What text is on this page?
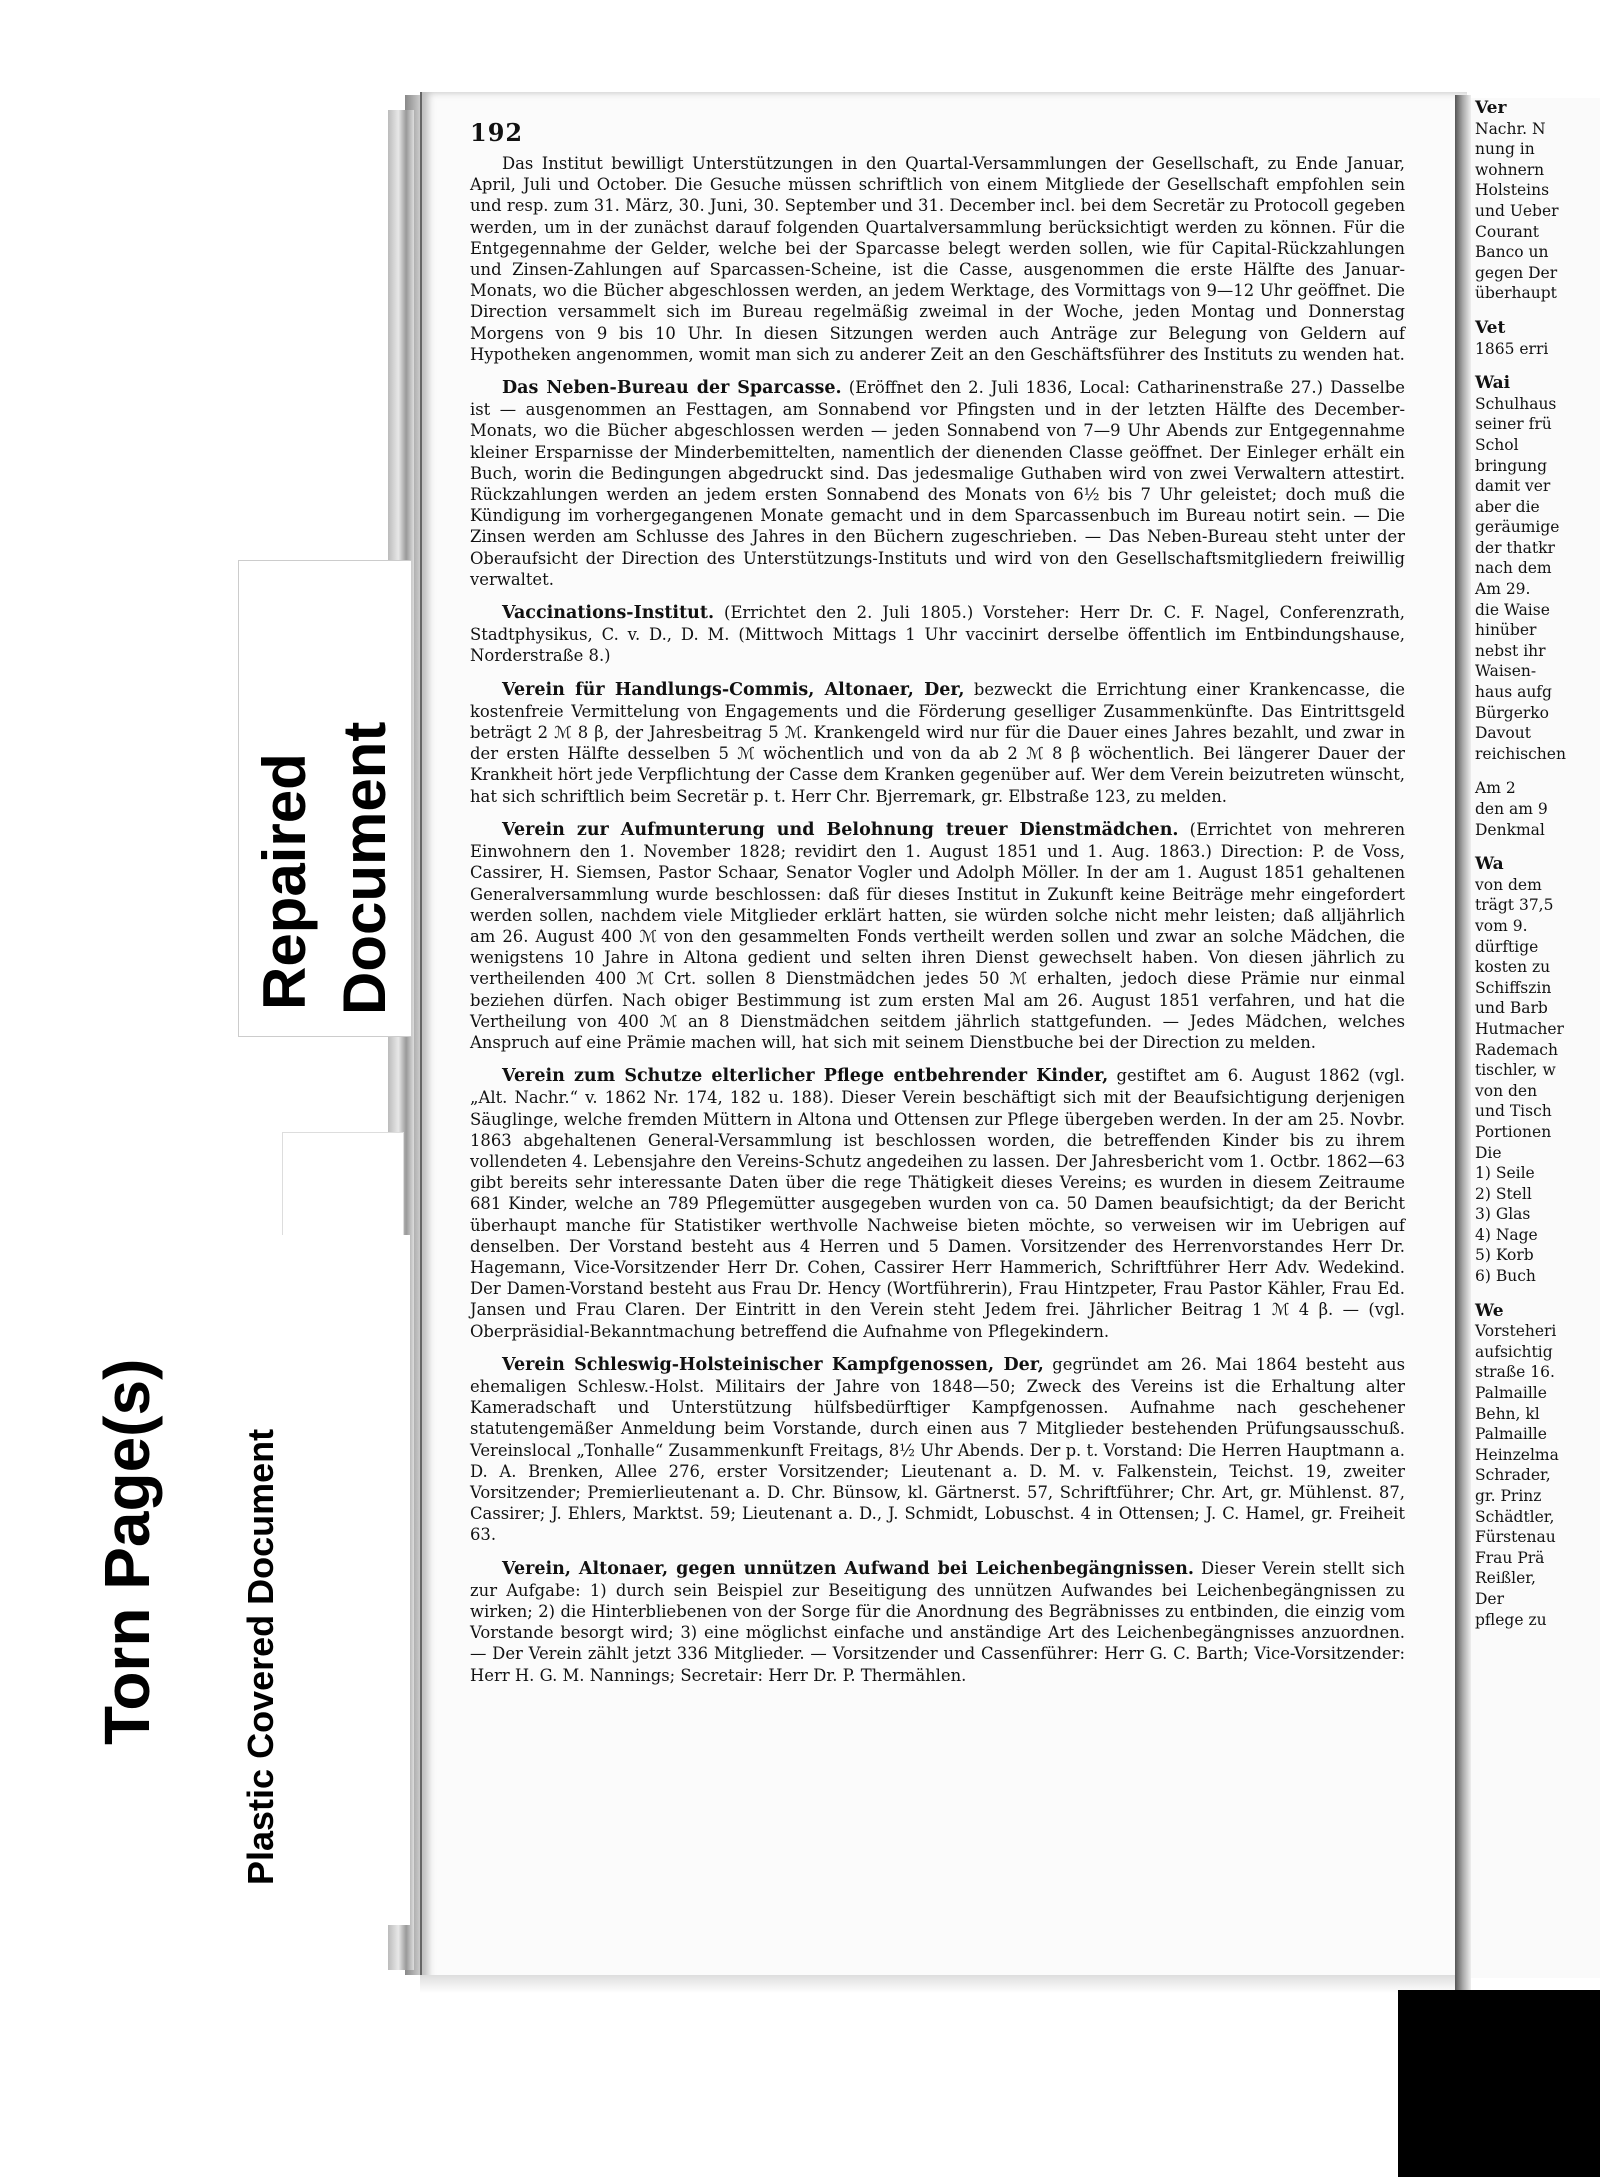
192

Das Institut bewilligt Unterstützungen in den Quartal-Versammlungen der Gesellschaft, zu Ende Januar, April, Juli und October. Die Gesuche müssen schriftlich von einem Mitgliede der Gesellschaft empfohlen sein und resp. zum 31. März, 30. Juni, 30. September und 31. December incl. bei dem Secretär zu Protocoll gegeben werden, um in der zunächst darauf folgenden Quartalversammlung berücksichtigt werden zu können. Für die Entgegennahme der Gelder, welche bei der Sparcasse belegt werden sollen, wie für Capital-Rückzahlungen und Zinsen-Zahlungen auf Sparcassen-Scheine, ist die Casse, ausgenommen die erste Hälfte des Januar-Monats, wo die Bücher abgeschlossen werden, an jedem Werktage, des Vormittags von 9—12 Uhr geöffnet. Die Direction versammelt sich im Bureau regelmäßig zweimal in der Woche, jeden Montag und Donnerstag Morgens von 9 bis 10 Uhr. In diesen Sitzungen werden auch Anträge zur Belegung von Geldern auf Hypotheken angenommen, womit man sich zu anderer Zeit an den Geschäftsführer des Instituts zu wenden hat.

Das Neben-Bureau der Sparcasse. (Eröffnet den 2. Juli 1836, Local: Catharinenstraße 27.) Dasselbe ist — ausgenommen an Festtagen, am Sonnabend vor Pfingsten und in der letzten Hälfte des December-Monats, wo die Bücher abgeschlossen werden — jeden Sonnabend von 7—9 Uhr Abends zur Entgegennahme kleiner Ersparnisse der Minderbemittelten, namentlich der dienenden Classe geöffnet. Der Einleger erhält ein Buch, worin die Bedingungen abgedruckt sind. Das jedesmalige Guthaben wird von zwei Verwaltern attestirt. Rückzahlungen werden an jedem ersten Sonnabend des Monats von 6½ bis 7 Uhr geleistet; doch muß die Kündigung im vorhergegangenen Monate gemacht und in dem Sparcassenbuch im Bureau notirt sein. — Die Zinsen werden am Schlusse des Jahres in den Büchern zugeschrieben. — Das Neben-Bureau steht unter der Oberaufsicht der Direction des Unterstützungs-Instituts und wird von den Gesellschaftsmitgliedern freiwillig verwaltet.

Vaccinations-Institut. (Errichtet den 2. Juli 1805.) Vorsteher: Herr Dr. C. F. Nagel, Conferenzrath, Stadtphysikus, C. v. D., D. M. (Mittwoch Mittags 1 Uhr vaccinirt derselbe öffentlich im Entbindungshause, Norderstraße 8.)

Verein für Handlungs-Commis, Altonaer, Der, bezweckt die Errichtung einer Krankencasse, die kostenfreie Vermittelung von Engagements und die Förderung geselliger Zusammenkünfte. Das Eintrittsgeld beträgt 2 ℳ 8 β, der Jahresbeitrag 5 ℳ. Krankengeld wird nur für die Dauer eines Jahres bezahlt, und zwar in der ersten Hälfte desselben 5 ℳ wöchentlich und von da ab 2 ℳ 8 β wöchentlich. Bei längerer Dauer der Krankheit hört jede Verpflichtung der Casse dem Kranken gegenüber auf. Wer dem Verein beizutreten wünscht, hat sich schriftlich beim Secretär p. t. Herr Chr. Bjerremark, gr. Elbstraße 123, zu melden.

Verein zur Aufmunterung und Belohnung treuer Dienstmädchen. (Errichtet von mehreren Einwohnern den 1. November 1828; revidirt den 1. August 1851 und 1. Aug. 1863.) Direction: P. de Voss, Cassirer, H. Siemsen, Pastor Schaar, Senator Vogler und Adolph Möller. In der am 1. August 1851 gehaltenen Generalversammlung wurde beschlossen: daß für dieses Institut in Zukunft keine Beiträge mehr eingefordert werden sollen, nachdem viele Mitglieder erklärt hatten, sie würden solche nicht mehr leisten; daß alljährlich am 26. August 400 ℳ von den gesammelten Fonds vertheilt werden sollen und zwar an solche Mädchen, die wenigstens 10 Jahre in Altona gedient und selten ihren Dienst gewechselt haben. Von diesen jährlich zu vertheilenden 400 ℳ Crt. sollen 8 Dienstmädchen jedes 50 ℳ erhalten, jedoch diese Prämie nur einmal beziehen dürfen. Nach obiger Bestimmung ist zum ersten Mal am 26. August 1851 verfahren, und hat die Vertheilung von 400 ℳ an 8 Dienstmädchen seitdem jährlich stattgefunden. — Jedes Mädchen, welches Anspruch auf eine Prämie machen will, hat sich mit seinem Dienstbuche bei der Direction zu melden.

Verein zum Schutze elterlicher Pflege entbehrender Kinder, gestiftet am 6. August 1862 (vgl. „Alt. Nachr.“ v. 1862 Nr. 174, 182 u. 188). Dieser Verein beschäftigt sich mit der Beaufsichtigung derjenigen Säuglinge, welche fremden Müttern in Altona und Ottensen zur Pflege übergeben werden. In der am 25. Novbr. 1863 abgehaltenen General-Versammlung ist beschlossen worden, die betreffenden Kinder bis zu ihrem vollendeten 4. Lebensjahre den Vereins-Schutz angedeihen zu lassen. Der Jahresbericht vom 1. Octbr. 1862—63 gibt bereits sehr interessante Daten über die rege Thätigkeit dieses Vereins; es wurden in diesem Zeitraume 681 Kinder, welche an 789 Pflegemütter ausgegeben wurden von ca. 50 Damen beaufsichtigt; da der Bericht überhaupt manche für Statistiker werthvolle Nachweise bieten möchte, so verweisen wir im Uebrigen auf denselben. Der Vorstand besteht aus 4 Herren und 5 Damen. Vorsitzender des Herrenvorstandes Herr Dr. Hagemann, Vice-Vorsitzender Herr Dr. Cohen, Cassirer Herr Hammerich, Schriftführer Herr Adv. Wedekind. Der Damen-Vorstand besteht aus Frau Dr. Hency (Wortführerin), Frau Hintzpeter, Frau Pastor Kähler, Frau Ed. Jansen und Frau Claren. Der Eintritt in den Verein steht Jedem frei. Jährlicher Beitrag 1 ℳ 4 β. — (vgl. Oberpräsidial-Bekanntmachung betreffend die Aufnahme von Pflegekindern.

Verein Schleswig-Holsteinischer Kampfgenossen, Der, gegründet am 26. Mai 1864 besteht aus ehemaligen Schlesw.-Holst. Militairs der Jahre von 1848—50; Zweck des Vereins ist die Erhaltung alter Kameradschaft und Unterstützung hülfsbedürftiger Kampfgenossen. Aufnahme nach geschehener statutengemäßer Anmeldung beim Vorstande, durch einen aus 7 Mitglieder bestehenden Prüfungsausschuß. Vereinslocal „Tonhalle“ Zusammenkunft Freitags, 8½ Uhr Abends. Der p. t. Vorstand: Die Herren Hauptmann a. D. A. Brenken, Allee 276, erster Vorsitzender; Lieutenant a. D. M. v. Falkenstein, Teichst. 19, zweiter Vorsitzender; Premierlieutenant a. D. Chr. Bünsow, kl. Gärtnerst. 57, Schriftführer; Chr. Art, gr. Mühlenst. 87, Cassirer; J. Ehlers, Marktst. 59; Lieutenant a. D., J. Schmidt, Lobuschst. 4 in Ottensen; J. C. Hamel, gr. Freiheit 63.

Verein, Altonaer, gegen unnützen Aufwand bei Leichenbegängnissen. Dieser Verein stellt sich zur Aufgabe: 1) durch sein Beispiel zur Beseitigung des unnützen Aufwandes bei Leichenbegängnissen zu wirken; 2) die Hinterbliebenen von der Sorge für die Anordnung des Begräbnisses zu entbinden, die einzig vom Vorstande besorgt wird; 3) eine möglichst einfache und anständige Art des Leichenbegängnisses anzuordnen. — Der Verein zählt jetzt 336 Mitglieder. — Vorsitzender und Cassenführer: Herr G. C. Barth; Vice-Vorsitzender: Herr H. G. M. Nannings; Secretair: Herr Dr. P. Thermählen.

Ver
Nachr. N
nung in
wohnern
Holsteins
und Ueber
Courant
Banco un
gegen Der
überhaupt
Vet
1865 erri
Wai
Schulhaus
seiner frü
Schol
bringung
damit ver
aber die
geräumige
der thatkr
nach dem
Am 29.
die Waise
hinüber
nebst ihr
Waisen-
haus aufg
Bürgerko
Davout
reichischen
Am 2
den am 9
Denkmal
Wa
von dem
trägt 37,5
vom 9.
dürftige
kosten zu
Schiffszin
und Barb
Hutmacher
Rademach
tischler, w
von den
und Tisch
Portionen
Die
1) Seile
2) Stell
3) Glas
4) Nage
5) Korb
6) Buch
We
Vorsteheri
aufsichtig
straße 16.
Palmaille
Behn, kl
Palmaille
Heinzelma
Schrader,
gr. Prinz
Schädtler,
Fürstenau
Frau Prä
Reißler,
Der
pflege zu
Repaired Document
Torn Page(s) Plastic Covered Document
